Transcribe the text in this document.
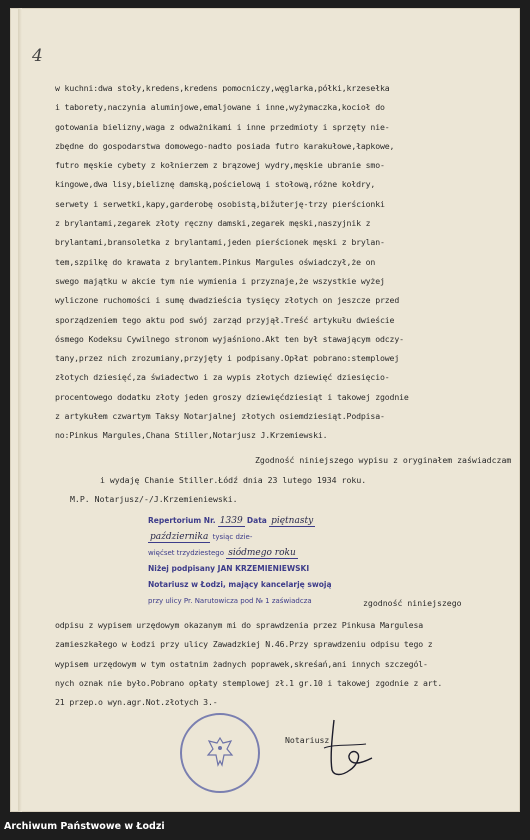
4
w kuchni:dwa stoły,kredens,kredens pomocniczy,węglarka,półki,krzesełka
i taborety,naczynia aluminjowe,emaljowane i inne,wyżymaczka,kocioł do
gotowania bielizny,waga z odważnikami i inne przedmioty i sprzęty nie-
zbędne do gospodarstwa domowego-nadto posiada futro karakułowe,łapkowe,
futro męskie cybety z kołnierzem z brązowej wydry,męskie ubranie smo-
kingowe,dwa lisy,bieliznę damską,pościelową i stołową,różne kołdry,
serwety i serwetki,kapy,garderobę osobistą,bižuterję-trzy pierścionki
z brylantami,zegarek złoty ręczny damski,zegarek męski,naszyjnik z
brylantami,bransoletka z brylantami,jeden pierścionek męski z brylan-
tem,szpilkę do krawata z brylantem.Pinkus Margules oświadczył,że on
swego majątku w akcie tym nie wymienia i przyznaje,że wszystkie wyżej
wyliczone ruchomości i sumę dwadzieścia tysięcy złotych on jeszcze przed
sporządzeniem tego aktu pod swój zarząd przyjął.Treść artykułu dwieście
ósmego Kodeksu Cywilnego stronom wyjaśniono.Akt ten był stawającym odczy-
tany,przez nich zrozumiany,przyjęty i podpisany.Opłat pobrano:stemplowej
złotych dziesięć,za świadectwo i za wypis złotych dziewięć dziesięcio-
procentowego dodatku złoty jeden groszy dziewięćdziesiąt i takowej zgodnie
z artykułem czwartym Taksy Notarjalnej złotych osiemdziesiąt.Podpisa-
no:Pinkus Margules,Chana Stiller,Notarjusz J.Krzemiewski.
i wydaję Chanie Stiller.Łódź dnia 23 lutego 1934 roku.
M.P. Notarjusz/-/J.Krzemieniewski.
Repertorium Nr. 1339 Data piętnasty
października tysiąc dzie-
więćset trzydziestego siódmego roku
Niżej podpisany JAN KRZEMIENIEWSKI
Notariusz w Łodzi, mający kancelarję swoją
przy ulicy Pr. Narutowicza pod № 1 zaświadcza	zgodność niniejszego
odpisu z wypisem urzędowym okazanym mi do sprawdzenia przez Pinkusa Margulesa
zamieszkałego w Łodzi przy ulicy Zawadzkiej N.46.Przy sprawdzeniu odpisu tego z
wypisem urzędowym w tym ostatnim żadnych poprawek,skreśań,ani innych szczegól-
nych oznak nie było.Pobrano opłaty stemplowej zł.1 gr.10 i takowej zgodnie z art.
21 przep.o wyn.agr.Not.złotych 3.-
Notariusz
Zgodność niniejszego wypisu z oryginałem zaświadczam
Archiwum Państwowe w Łodzi
